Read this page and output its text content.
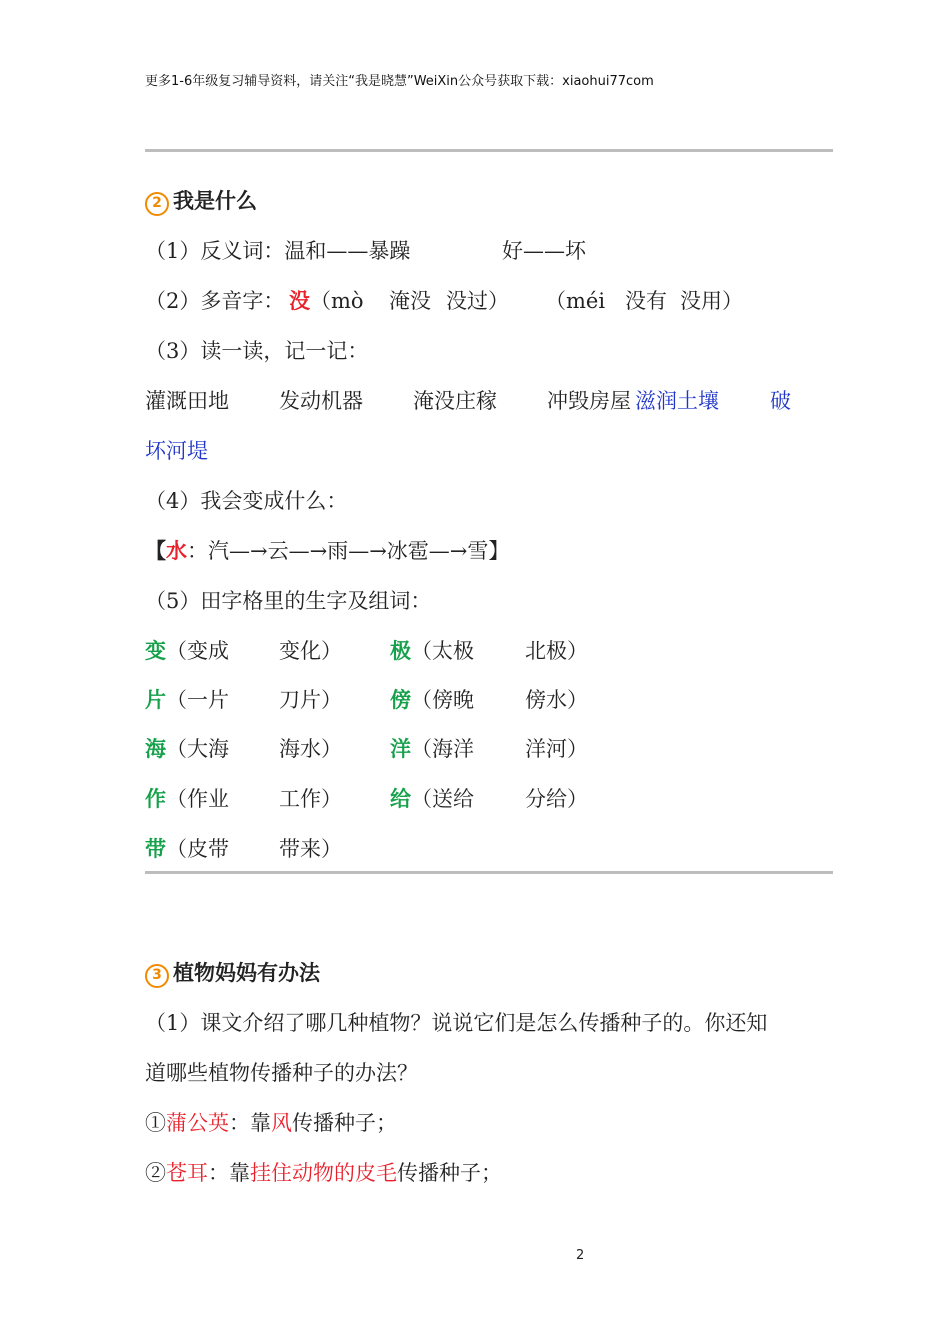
更多1-6年级复习辅导资料，请关注“我是晓慧”WeiXin公众号获取下载：xiaohui77com
2 我是什么
（1）反义词：温和——暴躁	好——坏
（2）多音字： 没 （mò 淹没 没过） （méi 没有 没用）
（3）读一读，记一记：
灌溉田地 发动机器 淹没庄稼 冲毁房屋 滋润土壤 破
坏河堤
（4）我会变成什么：
【水：汽—→云—→雨—→冰雹—→雪】
（5）田字格里的生字及组词：
变 （变成 变化） 极 （太极 北极）
片 （一片 刀片） 傍 （傍晚 傍水）
海 （大海 海水） 洋 （海洋 洋河）
作 （作业 工作） 给 （送给 分给）
带 （皮带 带来）
3 植物妈妈有办法
（1）课文介绍了哪几种植物？说说它们是怎么传播种子的。你还知
道哪些植物传播种子的办法？
①蒲公英：靠风传播种子；
②苍耳：靠挂住动物的皮毛传播种子；
2
